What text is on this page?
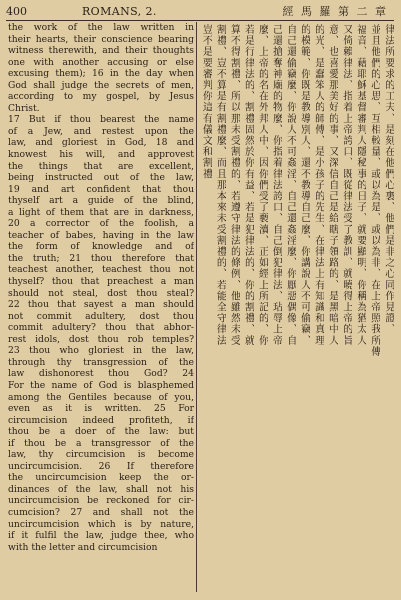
400	ROMANS, 2.	經 馬 羅 第 二 章
the work of the law written in
their hearts, their conscience bearing
witness therewith, and their thoughts
one with another accusing or else
excusing them); 16 in the day when
God shall judge the secrets of men,
according to my gospel, by Jesus
Christ.
17 But if thou bearest the name
of a Jew, and restest upon the
law, and gloriest in God, 18 and
knowest his will, and approvest
the things that are excellent,
being instructed out of the law,
19 and art confident that thou
thyself art a guide of the blind,
a light of them that are in darkness,
20 a corrector of the foolish, a
teacher of babes, having in the law
the form of knowledge and of
the truth; 21 thou therefore that
teachest another, teachest thou not
thyself? thou that preachest a man
should not steal, dost thou steal?
22 thou that sayest a man should
not commit adultery, dost thou
commit adultery? thou that abhor-
rest idols, dost thou rob temples?
23 thou who gloriest in the law,
through thy transgression of the
law dishonorest thou God? 24
For the name of God is blasphemed
among the Gentiles because of you,
even as it is written. 25 For
circumcision indeed profiteth, if
thou be a doer of the law: but
if thou be a transgressor of the
law, thy circumcision is become
uncircumcision. 26 If therefore
the uncircumcision keep the or-
dinances of the law, shall not his
uncircumcision be reckoned for cir-
cumcision? 27 and shall not the
uncircumcision which is by nature,
if it fulfil the law, judge thee, who
with the letter and circumcision
律法所要求的工夫、是刻在他們心裏、他們是非之心同作見證、
並且他們的心思、互相較量、或以為是、或以為非、在上帝照我所傳
福音、藉耶穌基督審判人隱秘事的日子、就要顯明、你稱為猶太人
又倚賴律法、指着上帝誇口、既從律法受了教訓、就曉得上帝的旨
意、也喜愛那美好的事、又深信自己是給瞎子領路的、是黑暗中人
的光、是蠢笨人的師傅、是小孩子的先生、在律法上有知識和真理
的模範、你既是教導別人、還不教導自己麼、你講說人不可偷竊、
自己還偷竊麼、你說人不可姦淫、自己還姦淫麼、你厭惡偶像、自
己還搶奪神廟的物麼、你指着律法誇口、自己倒犯律法、玷辱上帝
麼、上帝的名在外邦人中、因你們受了褻瀆、正如經上所記的、你
若是行律法的、割禮固然於你有益、若是犯律法的、你的割禮、就
算不得割禮、所以那未受割禮的、若遵守律法的條例、他雖然未受
割禮、豈不算是有割禮麼、而且那本來未受割禮的、若能全守律法
豈不是要審判你這有儀文和割禮
